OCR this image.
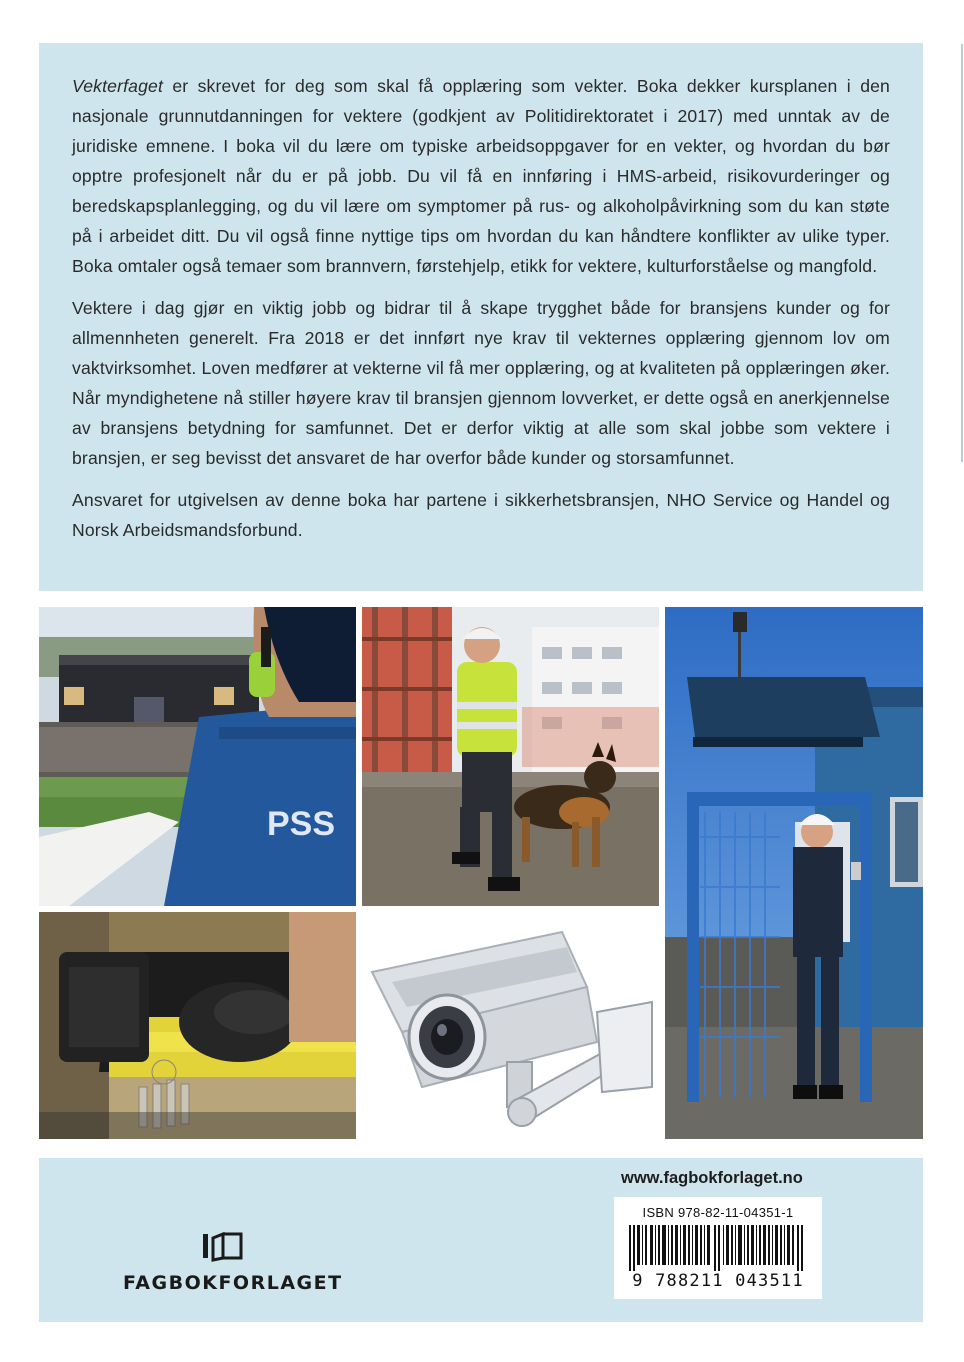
Vekterfaget er skrevet for deg som skal få opplæring som vekter. Boka dekker kursplanen i den nasjonale grunnutdanningen for vektere (godkjent av Politidirektoratet i 2017) med unntak av de juridiske emnene. I boka vil du lære om typiske arbeidsoppgaver for en vekter, og hvordan du bør opptre profesjonelt når du er på jobb. Du vil få en innføring i HMS-arbeid, risikovurderinger og beredskapsplanlegging, og du vil lære om symptomer på rus- og alkoholpåvirkning som du kan støte på i arbeidet ditt. Du vil også finne nyttige tips om hvordan du kan håndtere konflikter av ulike typer. Boka omtaler også temaer som brannvern, førstehjelp, etikk for vektere, kulturforståelse og mangfold.

Vektere i dag gjør en viktig jobb og bidrar til å skape trygghet både for bransjens kunder og for allmennheten generelt. Fra 2018 er det innført nye krav til vekternes opplæring gjennom lov om vaktvirksomhet. Loven medfører at vekterne vil få mer opplæring, og at kvaliteten på opplæringen øker. Når myndighetene nå stiller høyere krav til bransjen gjennom lovverket, er dette også en anerkjennelse av bransjens betydning for samfunnet. Det er derfor viktig at alle som skal jobbe som vektere i bransjen, er seg bevisst det ansvaret de har overfor både kunder og storsamfunnet.

Ansvaret for utgivelsen av denne boka har partene i sikkerhetsbransjen, NHO Service og Handel og Norsk Arbeidsmandsforbund.

PSS
FAGBOKFORLAGET
www.fagbokforlaget.no
ISBN 978-82-11-04351-1
9 788211 043511
